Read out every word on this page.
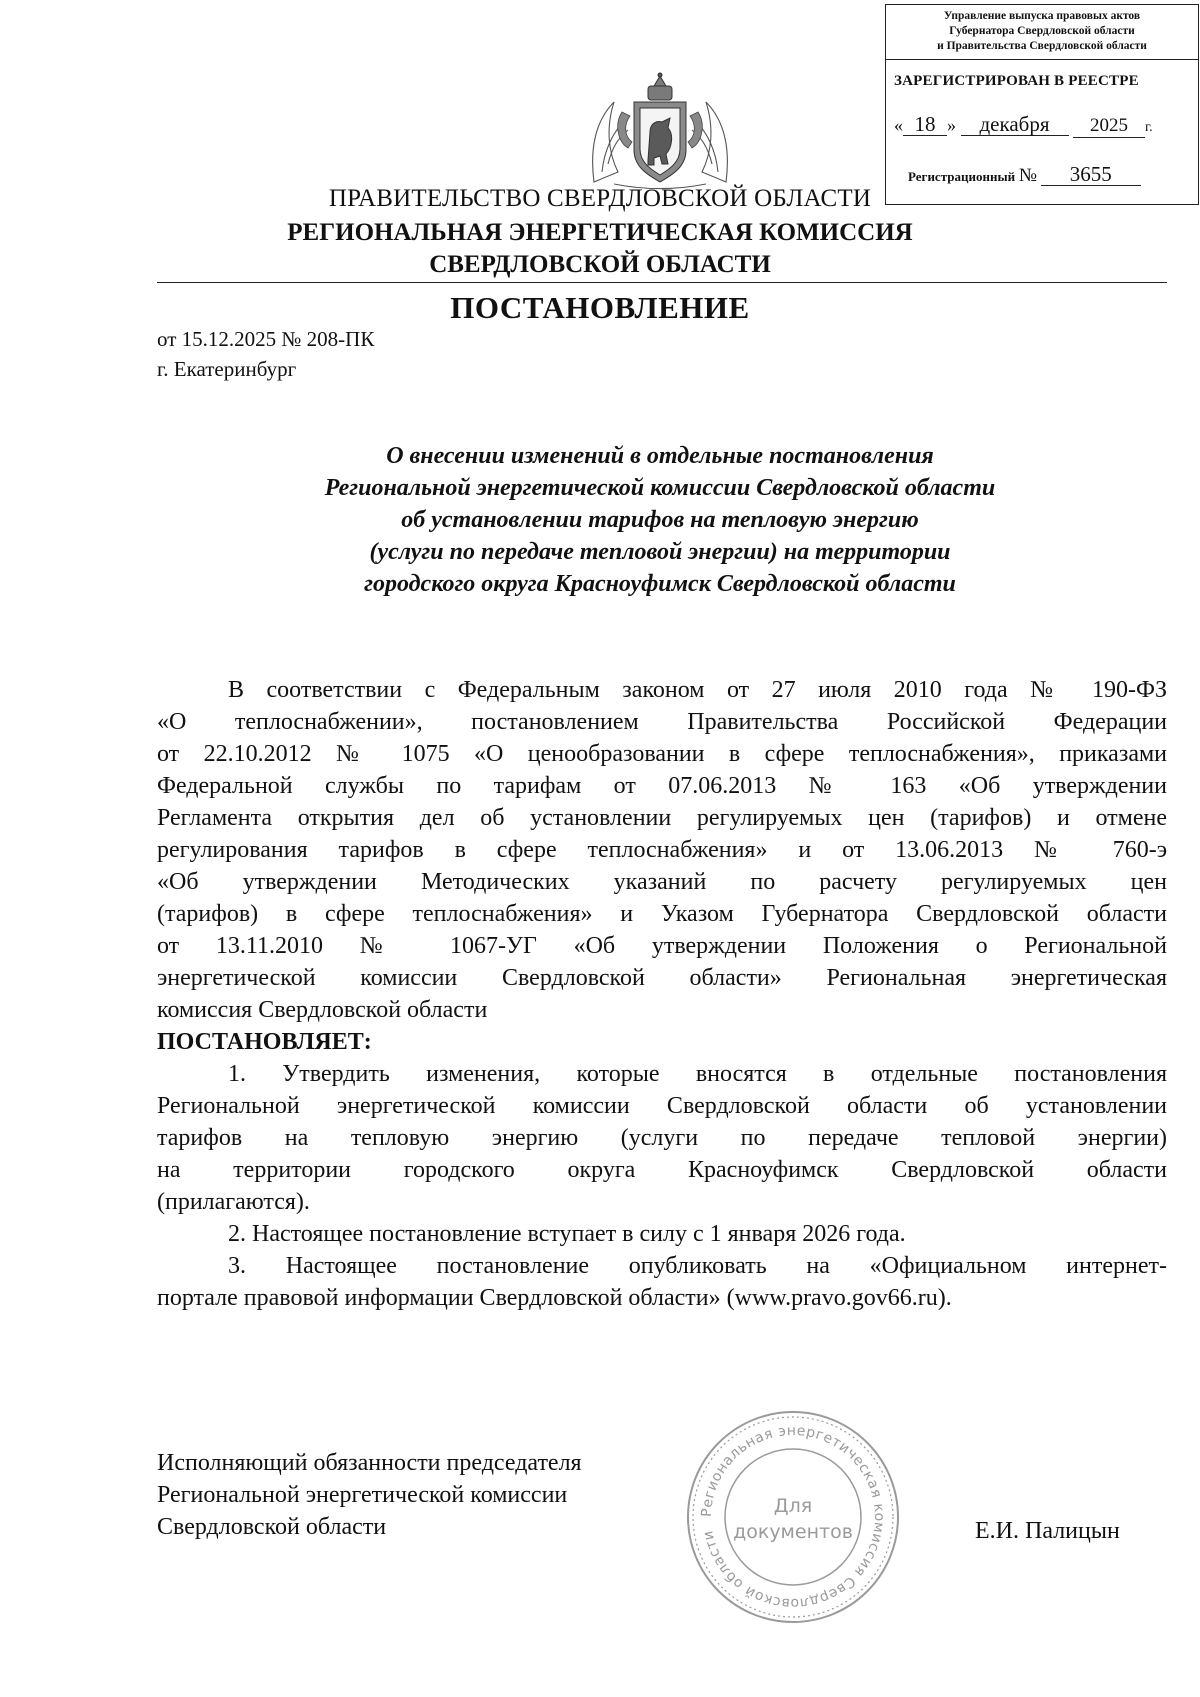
Управление выпуска правовых актов
Губернатора Свердловской области
и Правительства Свердловской области
ЗАРЕГИСТРИРОВАН В РЕЕСТРЕ
« 18 » декабря 2025 г.
Регистрационный № 3655
ПРАВИТЕЛЬСТВО СВЕРДЛОВСКОЙ ОБЛАСТИ
РЕГИОНАЛЬНАЯ ЭНЕРГЕТИЧЕСКАЯ КОМИССИЯ
СВЕРДЛОВСКОЙ ОБЛАСТИ
ПОСТАНОВЛЕНИЕ
от 15.12.2025 № 208-ПК
г. Екатеринбург
О внесении изменений в отдельные постановления
Региональной энергетической комиссии Свердловской области
об установлении тарифов на тепловую энергию
(услуги по передаче тепловой энергии) на территории
городского округа Красноуфимск Свердловской области
В соответствии с Федеральным законом от 27 июля 2010 года № 190-ФЗ
«О теплоснабжении», постановлением Правительства Российской Федерации
от 22.10.2012 № 1075 «О ценообразовании в сфере теплоснабжения», приказами
Федеральной службы по тарифам от 07.06.2013 № 163 «Об утверждении
Регламента открытия дел об установлении регулируемых цен (тарифов) и отмене
регулирования тарифов в сфере теплоснабжения» и от 13.06.2013 № 760-э
«Об утверждении Методических указаний по расчету регулируемых цен
(тарифов) в сфере теплоснабжения» и Указом Губернатора Свердловской области
от 13.11.2010 № 1067-УГ «Об утверждении Положения о Региональной
энергетической комиссии Свердловской области» Региональная энергетическая
комиссия Свердловской области
ПОСТАНОВЛЯЕТ:
1. Утвердить изменения, которые вносятся в отдельные постановления
Региональной энергетической комиссии Свердловской области об установлении
тарифов на тепловую энергию (услуги по передаче тепловой энергии)
на территории городского округа Красноуфимск Свердловской области
(прилагаются).
2. Настоящее постановление вступает в силу с 1 января 2026 года.
3. Настоящее постановление опубликовать на «Официальном интернет-
портале правовой информации Свердловской области» (www.pravo.gov66.ru).
Исполняющий обязанности председателя
Региональной энергетической комиссии
Свердловской области	Е.И. Палицын
Региональная энергетическая комиссия Свердловской области
Для
документов
